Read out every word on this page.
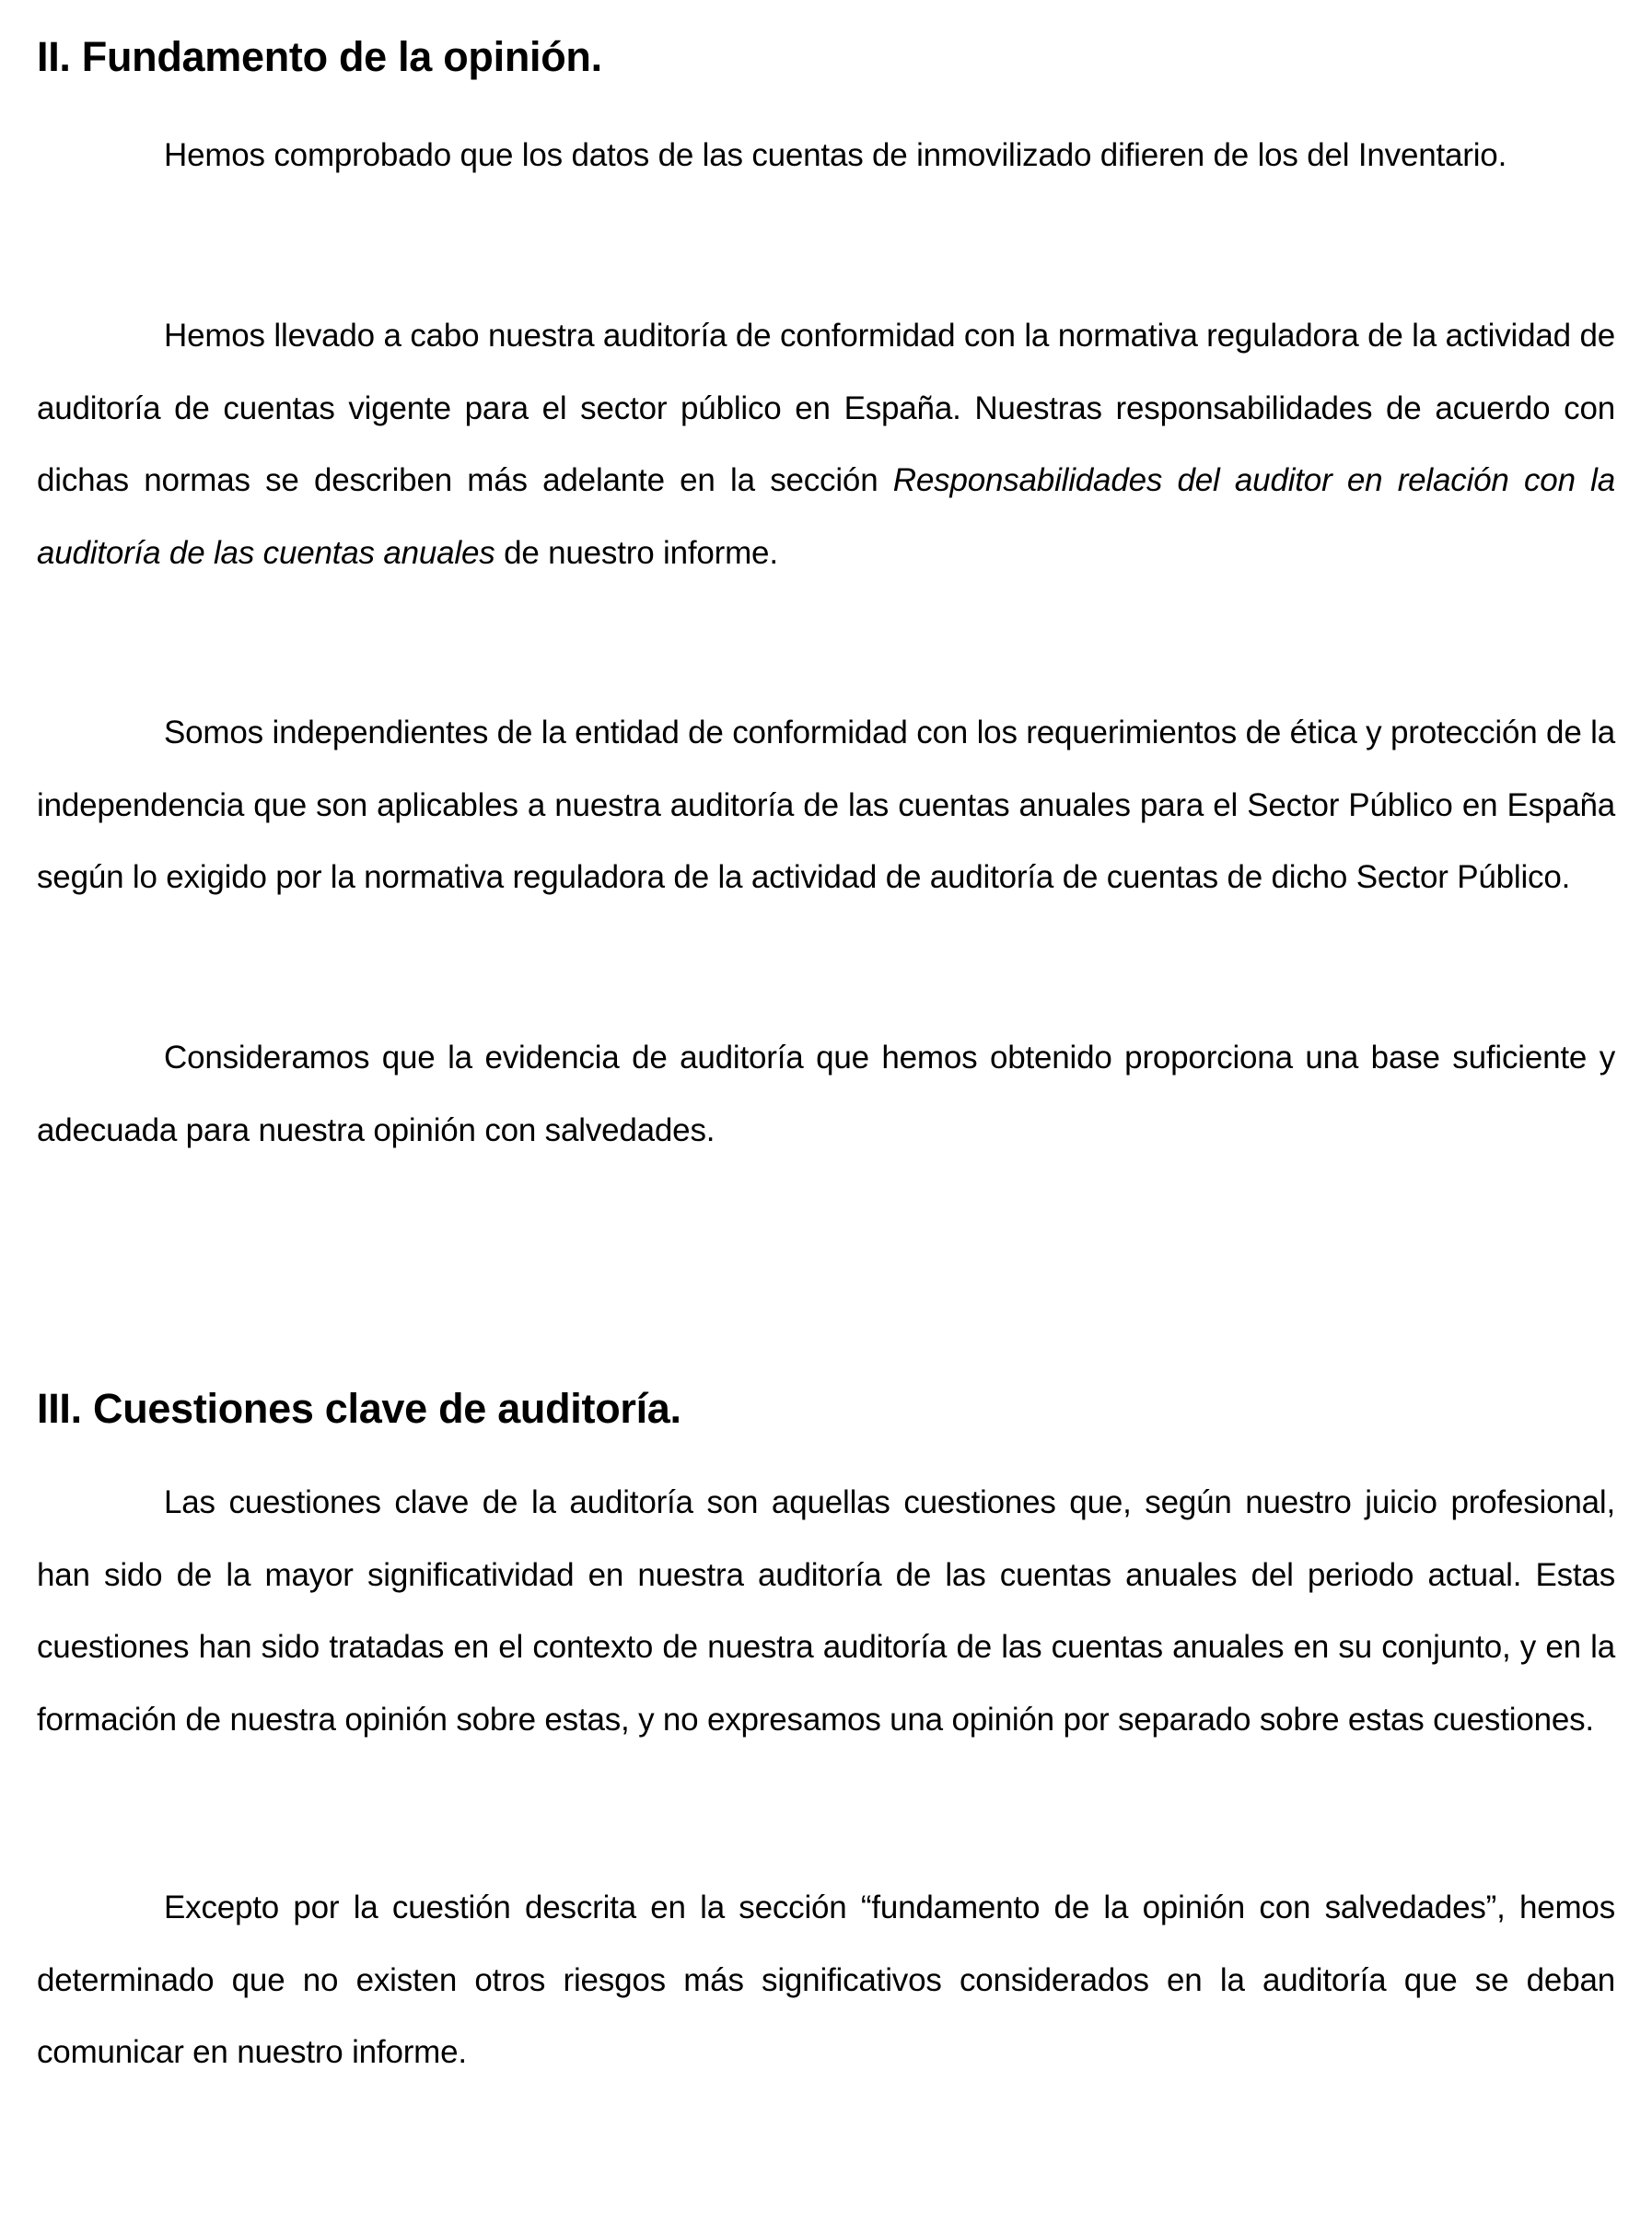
II. Fundamento de la opinión.

Hemos comprobado que los datos de las cuentas de inmovilizado difieren de los del Inventario.

Hemos llevado a cabo nuestra auditoría de conformidad con la normativa reguladora de la actividad de auditoría de cuentas vigente para el sector público en España. Nuestras responsabilidades de acuerdo con dichas normas se describen más adelante en la sección Responsabilidades del auditor en relación con la auditoría de las cuentas anuales de nuestro informe.

Somos independientes de la entidad de conformidad con los requerimientos de ética y protección de la independencia que son aplicables a nuestra auditoría de las cuentas anuales para el Sector Público en España según lo exigido por la normativa reguladora de la actividad de auditoría de cuentas de dicho Sector Público.

Consideramos que la evidencia de auditoría que hemos obtenido proporciona una base suficiente y adecuada para nuestra opinión con salvedades.

III. Cuestiones clave de auditoría.

Las cuestiones clave de la auditoría son aquellas cuestiones que, según nuestro juicio profesional, han sido de la mayor significatividad en nuestra auditoría de las cuentas anuales del periodo actual. Estas cuestiones han sido tratadas en el contexto de nuestra auditoría de las cuentas anuales en su conjunto, y en la formación de nuestra opinión sobre estas, y no expresamos una opinión por separado sobre estas cuestiones.

Excepto por la cuestión descrita en la sección “fundamento de la opinión con salvedades”, hemos determinado que no existen otros riesgos más significativos considerados en la auditoría que se deban comunicar en nuestro informe.
